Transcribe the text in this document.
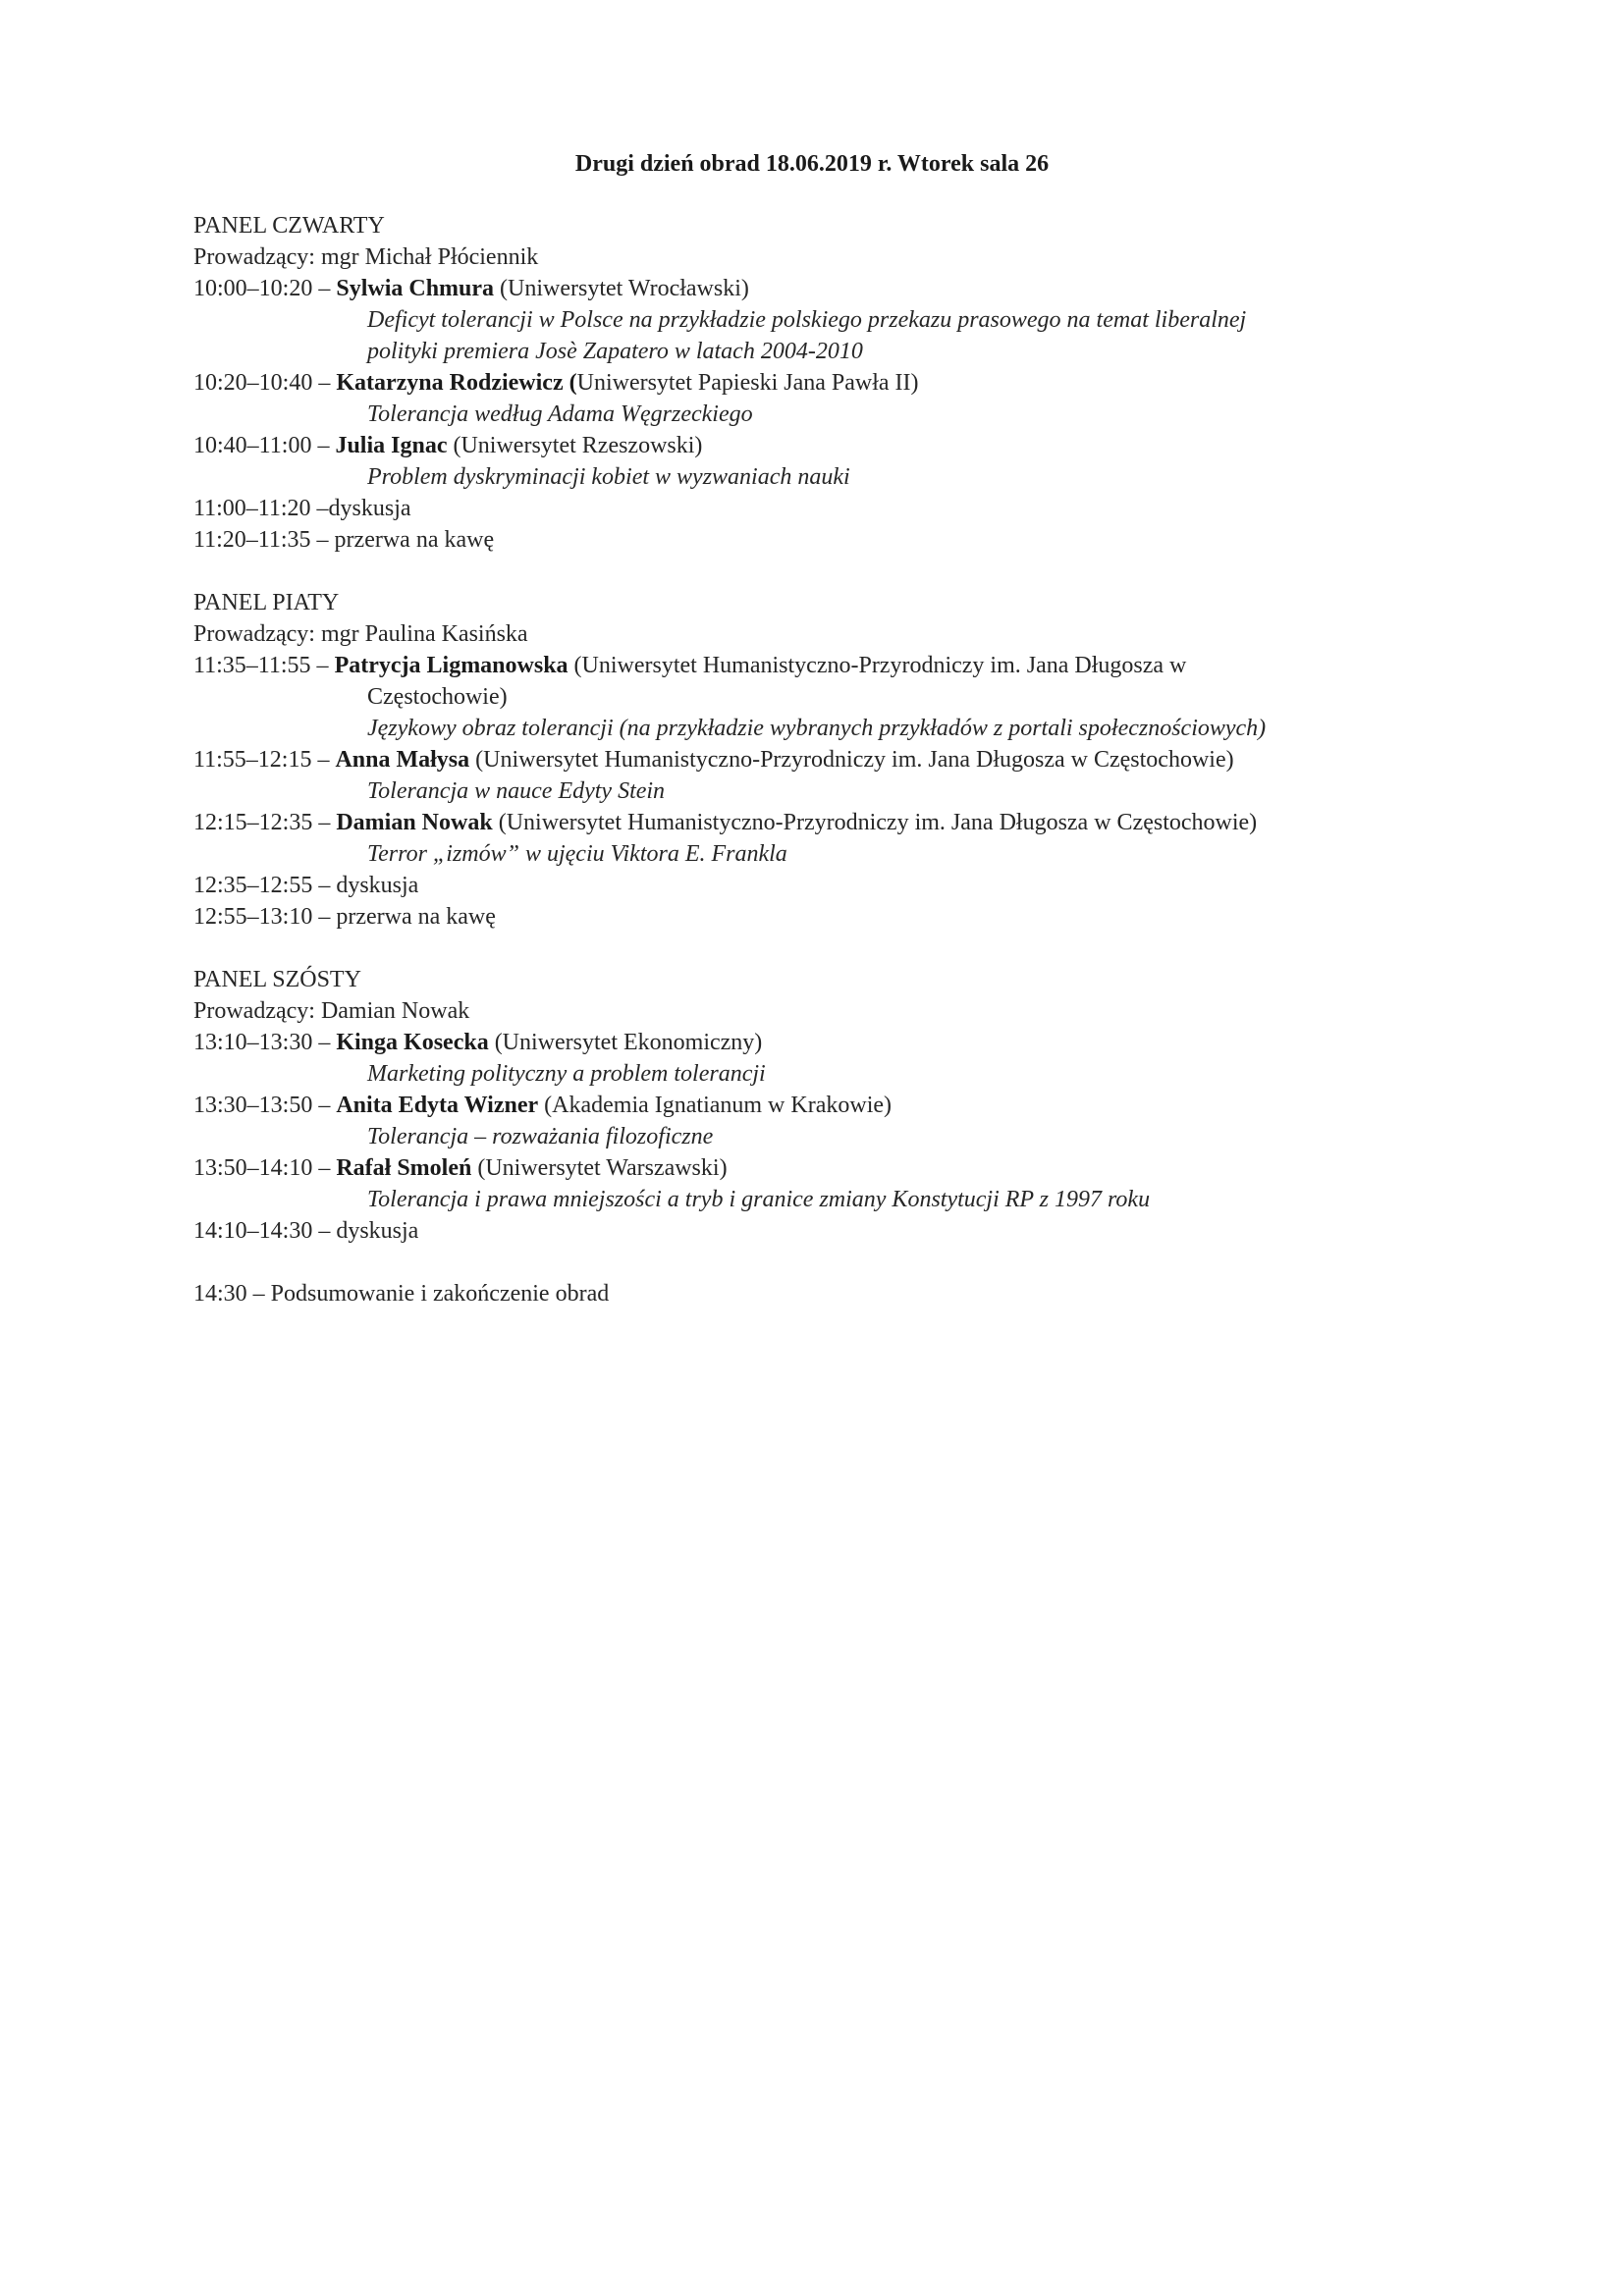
Drugi dzień obrad 18.06.2019 r. Wtorek sala 26
PANEL CZWARTY
Prowadzący: mgr Michał Płóciennik
10:00–10:20 – Sylwia Chmura (Uniwersytet Wrocławski)
Deficyt tolerancji w Polsce na przykładzie polskiego przekazu prasowego na temat liberalnej
polityki premiera Josè Zapatero w latach 2004-2010
10:20–10:40 – Katarzyna Rodziewicz (Uniwersytet Papieski Jana Pawła II)
Tolerancja według Adama Węgrzeckiego
10:40–11:00 – Julia Ignac (Uniwersytet Rzeszowski)
Problem dyskryminacji kobiet w wyzwaniach nauki
11:00–11:20 –dyskusja
11:20–11:35 – przerwa na kawę
PANEL PIATY
Prowadzący: mgr Paulina Kasińska
11:35–11:55 – Patrycja Ligmanowska (Uniwersytet Humanistyczno-Przyrodniczy im. Jana Długosza w
Częstochowie)
Językowy obraz tolerancji (na przykładzie wybranych przykładów z portali społecznościowych)
11:55–12:15 – Anna Małysa (Uniwersytet Humanistyczno-Przyrodniczy im. Jana Długosza w Częstochowie)
Tolerancja w nauce Edyty Stein
12:15–12:35 – Damian Nowak (Uniwersytet Humanistyczno-Przyrodniczy im. Jana Długosza w Częstochowie)
Terror „izmów” w ujęciu Viktora E. Frankla
12:35–12:55 – dyskusja
12:55–13:10 – przerwa na kawę
PANEL SZÓSTY
Prowadzący: Damian Nowak
13:10–13:30 – Kinga Kosecka (Uniwersytet Ekonomiczny)
Marketing polityczny a problem tolerancji
13:30–13:50 – Anita Edyta Wizner (Akademia Ignatianum w Krakowie)
Tolerancja – rozważania filozoficzne
13:50–14:10 – Rafał Smoleń (Uniwersytet Warszawski)
Tolerancja i prawa mniejszości a tryb i granice zmiany Konstytucji RP z 1997 roku
14:10–14:30 – dyskusja
14:30 – Podsumowanie i zakończenie obrad
